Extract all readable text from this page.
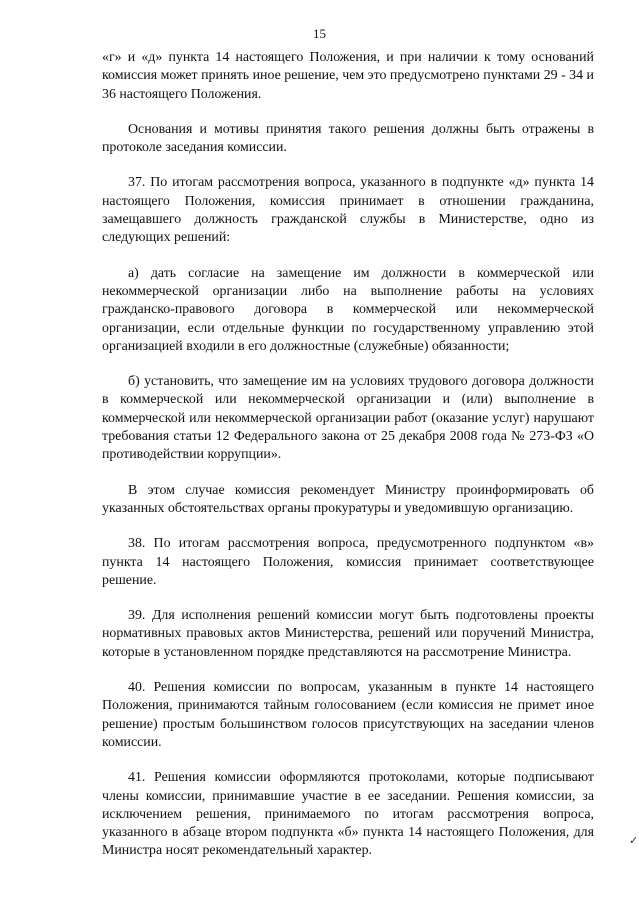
15

«г» и «д» пункта 14 настоящего Положения, и при наличии к тому оснований комиссия может принять иное решение, чем это предусмотрено пунктами 29 - 34 и 36 настоящего Положения.

Основания и мотивы принятия такого решения должны быть отражены в протоколе заседания комиссии.

37. По итогам рассмотрения вопроса, указанного в подпункте «д» пункта 14 настоящего Положения, комиссия принимает в отношении гражданина, замещавшего должность гражданской службы в Министерстве, одно из следующих решений:

а) дать согласие на замещение им должности в коммерческой или некоммерческой организации либо на выполнение работы на условиях гражданско-правового договора в коммерческой или некоммерческой организации, если отдельные функции по государственному управлению этой организацией входили в его должностные (служебные) обязанности;

б) установить, что замещение им на условиях трудового договора должности в коммерческой или некоммерческой организации и (или) выполнение в коммерческой или некоммерческой организации работ (оказание услуг) нарушают требования статьи 12 Федерального закона от 25 декабря 2008 года № 273-ФЗ «О противодействии коррупции».

В этом случае комиссия рекомендует Министру проинформировать об указанных обстоятельствах органы прокуратуры и уведомившую организацию.

38. По итогам рассмотрения вопроса, предусмотренного подпунктом «в» пункта 14 настоящего Положения, комиссия принимает соответствующее решение.

39. Для исполнения решений комиссии могут быть подготовлены проекты нормативных правовых актов Министерства, решений или поручений Министра, которые в установленном порядке представляются на рассмотрение Министра.

40. Решения комиссии по вопросам, указанным в пункте 14 настоящего Положения, принимаются тайным голосованием (если комиссия не примет иное решение) простым большинством голосов присутствующих на заседании членов комиссии.

41. Решения комиссии оформляются протоколами, которые подписывают члены комиссии, принимавшие участие в ее заседании. Решения комиссии, за исключением решения, принимаемого по итогам рассмотрения вопроса, указанного в абзаце втором подпункта «б» пункта 14 настоящего Положения, для Министра носят рекомендательный характер.

✓
